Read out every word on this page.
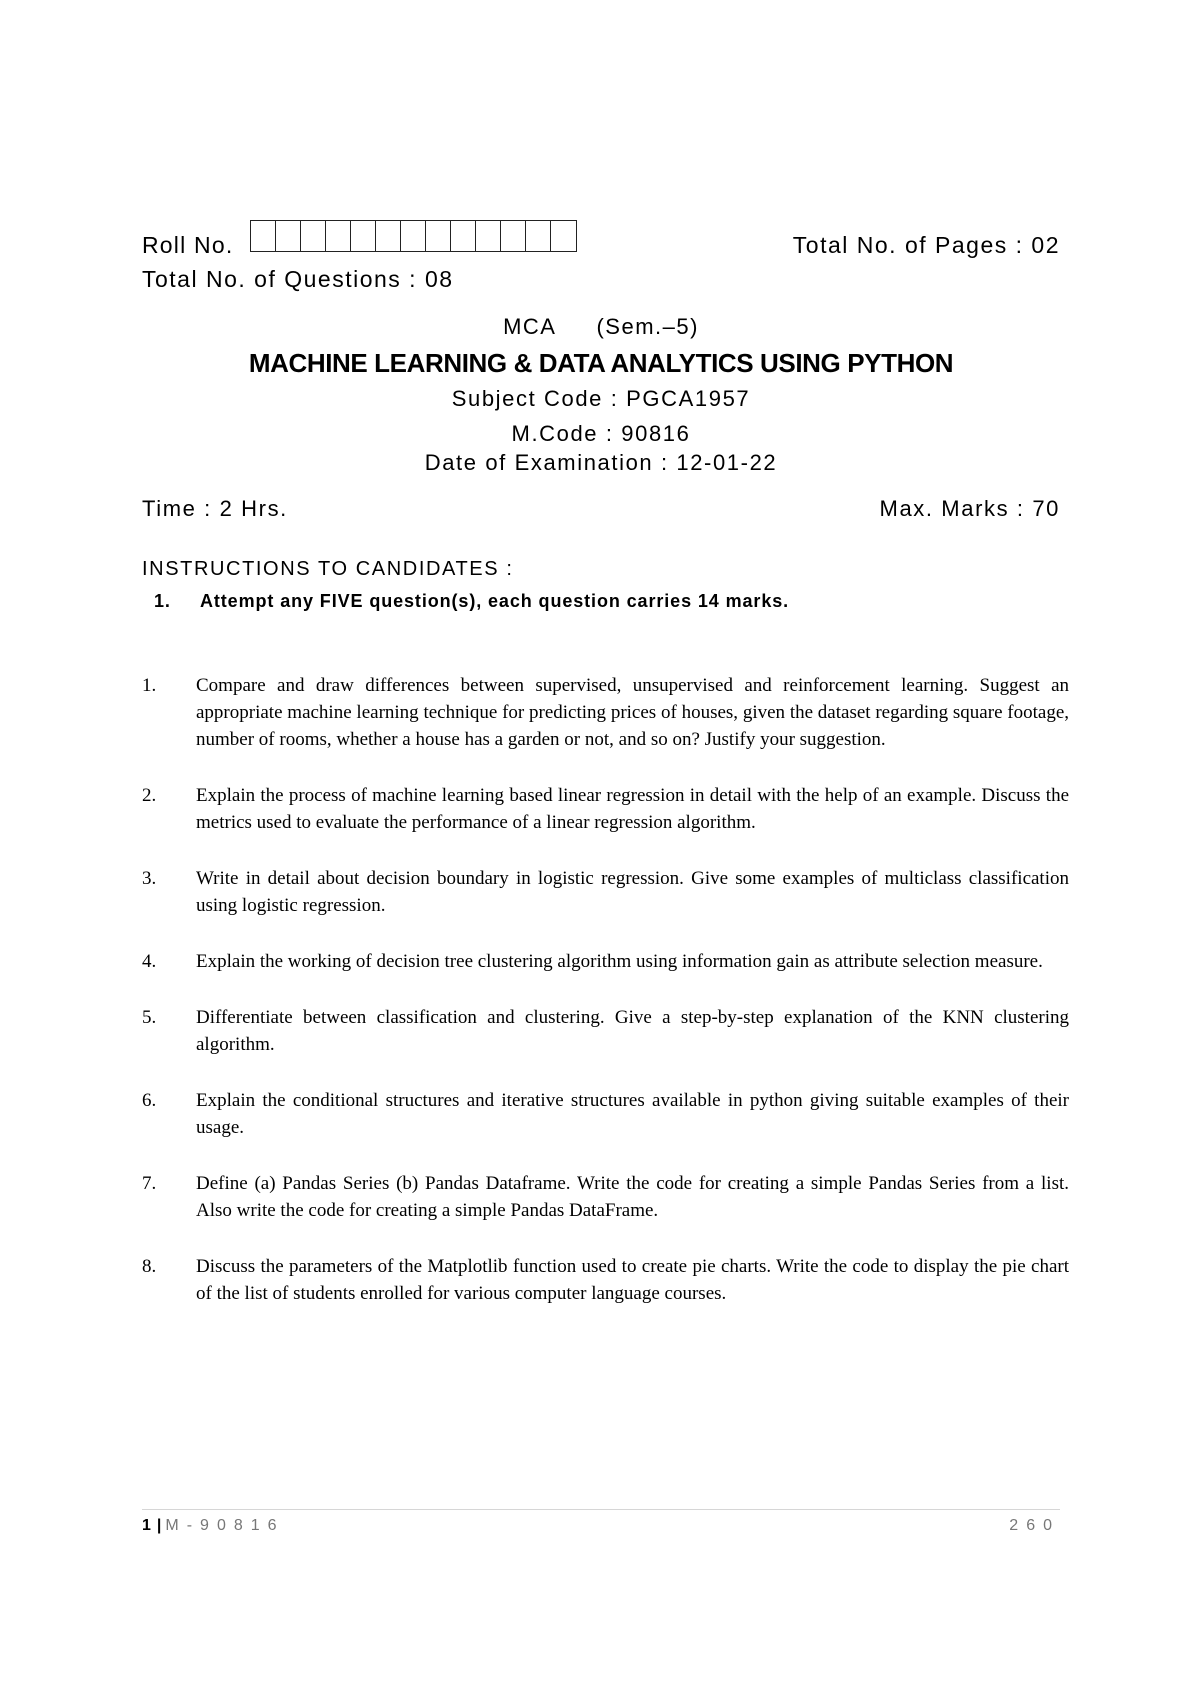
Roll No.	Total No. of Pages : 02
Total No. of Questions : 08
MCA (Sem.–5)
MACHINE LEARNING & DATA ANALYTICS USING PYTHON
Subject Code : PGCA1957
M.Code : 90816
Date of Examination : 12-01-22
Time : 2 Hrs.	Max. Marks : 70
INSTRUCTIONS TO CANDIDATES :
1. Attempt any FIVE question(s), each question carries 14 marks.
1.	Compare and draw differences between supervised, unsupervised and reinforcement learning. Suggest an appropriate machine learning technique for predicting prices of houses, given the dataset regarding square footage, number of rooms, whether a house has a garden or not, and so on? Justify your suggestion.
2.	Explain the process of machine learning based linear regression in detail with the help of an example. Discuss the metrics used to evaluate the performance of a linear regression algorithm.
3.	Write in detail about decision boundary in logistic regression. Give some examples of multiclass classification using logistic regression.
4.	Explain the working of decision tree clustering algorithm using information gain as attribute selection measure.
5.	Differentiate between classification and clustering. Give a step-by-step explanation of the KNN clustering algorithm.
6.	Explain the conditional structures and iterative structures available in python giving suitable examples of their usage.
7.	Define (a) Pandas Series (b) Pandas Dataframe. Write the code for creating a simple Pandas Series from a list. Also write the code for creating a simple Pandas DataFrame.
8.	Discuss the parameters of the Matplotlib function used to create pie charts. Write the code to display the pie chart of the list of students enrolled for various computer language courses.
1 | M-90816	260
